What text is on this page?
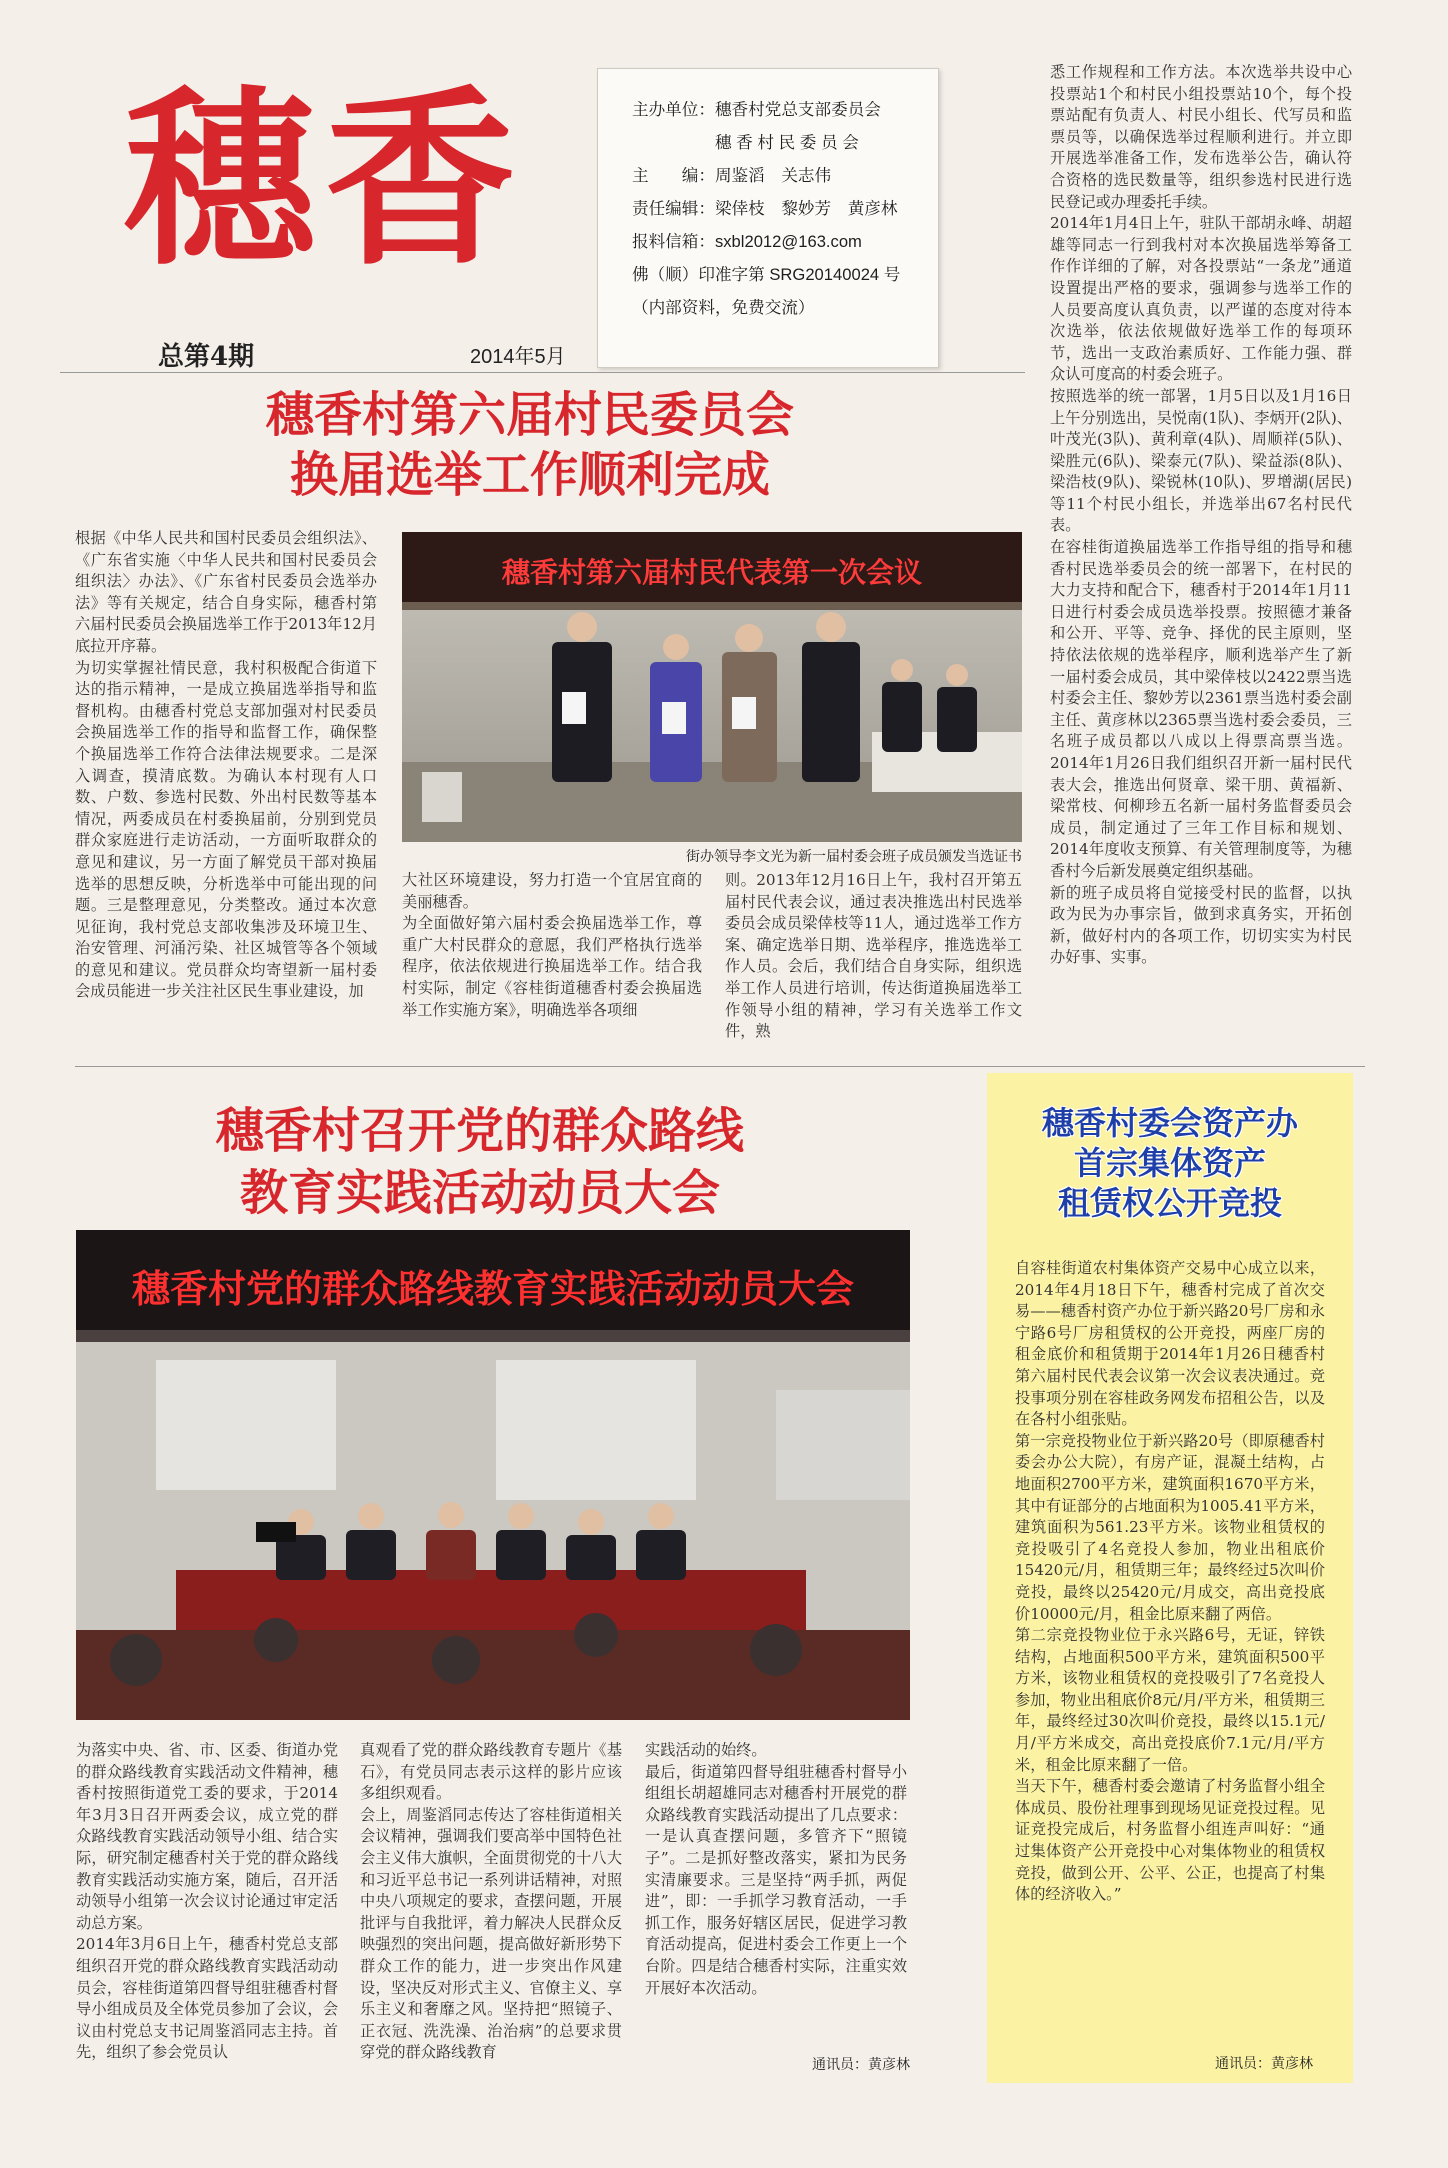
穗香
总第4期	2014年5月
主办单位：穗香村党总支部委员会
　　　　　穗 香 村 民 委 员 会
主　　编：周鉴滔　关志伟
责任编辑：梁倖枝　黎妙芳　黄彦林
报料信箱：sxbl2012@163.com
佛（顺）印准字第 SRG20140024 号
（内部资料，免费交流）
穗香村第六届村民委员会
换届选举工作顺利完成
根据《中华人民共和国村民委员会组织法》、《广东省实施〈中华人民共和国村民委员会组织法〉办法》、《广东省村民委员会选举办法》等有关规定，结合自身实际，穗香村第六届村民委员会换届选举工作于2013年12月底拉开序幕。
为切实掌握社情民意，我村积极配合街道下达的指示精神，一是成立换届选举指导和监督机构。由穗香村党总支部加强对村民委员会换届选举工作的指导和监督工作，确保整个换届选举工作符合法律法规要求。二是深入调查，摸清底数。为确认本村现有人口数、户数、参选村民数、外出村民数等基本情况，两委成员在村委换届前，分别到党员群众家庭进行走访活动，一方面听取群众的意见和建议，另一方面了解党员干部对换届选举的思想反映，分析选举中可能出现的问题。三是整理意见，分类整改。通过本次意见征询，我村党总支部收集涉及环境卫生、治安管理、河涌污染、社区城管等各个领域的意见和建议。党员群众均寄望新一届村委会成员能进一步关注社区民生事业建设，加
穗香村第六届村民代表第一次会议
街办领导李文光为新一届村委会班子成员颁发当选证书
大社区环境建设，努力打造一个宜居宜商的美丽穗香。
为全面做好第六届村委会换届选举工作，尊重广大村民群众的意愿，我们严格执行选举程序，依法依规进行换届选举工作。结合我村实际，制定《容桂街道穗香村委会换届选举工作实施方案》，明确选举各项细
则。2013年12月16日上午，我村召开第五届村民代表会议，通过表决推选出村民选举委员会成员梁倖枝等11人，通过选举工作方案、确定选举日期、选举程序，推选选举工作人员。会后，我们结合自身实际，组织选举工作人员进行培训，传达街道换届选举工作领导小组的精神，学习有关选举工作文件，熟
悉工作规程和工作方法。本次选举共设中心投票站1个和村民小组投票站10个，每个投票站配有负责人、村民小组长、代写员和监票员等，以确保选举过程顺利进行。并立即开展选举准备工作，发布选举公告，确认符合资格的选民数量等，组织参选村民进行选民登记或办理委托手续。
2014年1月4日上午，驻队干部胡永峰、胡超雄等同志一行到我村对本次换届选举筹备工作作详细的了解，对各投票站“一条龙”通道设置提出严格的要求，强调参与选举工作的人员要高度认真负责，以严谨的态度对待本次选举，依法依规做好选举工作的每项环节，选出一支政治素质好、工作能力强、群众认可度高的村委会班子。
按照选举的统一部署，1月5日以及1月16日上午分别选出，吴悦南(1队)、李炳开(2队)、叶茂光(3队)、黄利章(4队)、周顺祥(5队)、梁胜元(6队)、梁泰元(7队)、梁益添(8队)、梁浩枝(9队)、梁锐林(10队)、罗增湖(居民)等11个村民小组长，并选举出67名村民代表。
在容桂街道换届选举工作指导组的指导和穗香村民选举委员会的统一部署下，在村民的大力支持和配合下，穗香村于2014年1月11日进行村委会成员选举投票。按照德才兼备和公开、平等、竞争、择优的民主原则，坚持依法依规的选举程序，顺利选举产生了新一届村委会成员，其中梁倖枝以2422票当选村委会主任、黎妙芳以2361票当选村委会副主任、黄彦林以2365票当选村委会委员，三名班子成员都以八成以上得票高票当选。2014年1月26日我们组织召开新一届村民代表大会，推选出何贤章、梁干朋、黄福新、梁常枝、何柳珍五名新一届村务监督委员会成员，制定通过了三年工作目标和规划、2014年度收支预算、有关管理制度等，为穗香村今后新发展奠定组织基础。
新的班子成员将自觉接受村民的监督，以执政为民为办事宗旨，做到求真务实，开拓创新，做好村内的各项工作，切切实实为村民办好事、实事。
穗香村召开党的群众路线
教育实践活动动员大会
穗香村党的群众路线教育实践活动动员大会
为落实中央、省、市、区委、街道办党的群众路线教育实践活动文件精神，穗香村按照街道党工委的要求，于2014年3月3日召开两委会议，成立党的群众路线教育实践活动领导小组、结合实际，研究制定穗香村关于党的群众路线教育实践活动实施方案，随后，召开活动领导小组第一次会议讨论通过审定活动总方案。
2014年3月6日上午，穗香村党总支部组织召开党的群众路线教育实践活动动员会，容桂街道第四督导组驻穗香村督导小组成员及全体党员参加了会议，会议由村党总支书记周鉴滔同志主持。首先，组织了参会党员认
真观看了党的群众路线教育专题片《基石》，有党员同志表示这样的影片应该多组织观看。
会上，周鉴滔同志传达了容桂街道相关会议精神，强调我们要高举中国特色社会主义伟大旗帜，全面贯彻党的十八大和习近平总书记一系列讲话精神，对照中央八项规定的要求，查摆问题，开展批评与自我批评，着力解决人民群众反映强烈的突出问题，提高做好新形势下群众工作的能力，进一步突出作风建设，坚决反对形式主义、官僚主义、享乐主义和奢靡之风。坚持把“照镜子、正衣冠、洗洗澡、治治病”的总要求贯穿党的群众路线教育
实践活动的始终。
最后，街道第四督导组驻穗香村督导小组组长胡超雄同志对穗香村开展党的群众路线教育实践活动提出了几点要求：一是认真查摆问题，多管齐下“照镜子”。二是抓好整改落实，紧扣为民务实清廉要求。三是坚持“两手抓，两促进”，即：一手抓学习教育活动，一手抓工作，服务好辖区居民，促进学习教育活动提高，促进村委会工作更上一个台阶。四是结合穗香村实际，注重实效开展好本次活动。
通讯员：黄彦林
穗香村委会资产办
首宗集体资产
租赁权公开竞投
自容桂街道农村集体资产交易中心成立以来，2014年4月18日下午，穗香村完成了首次交易——穗香村资产办位于新兴路20号厂房和永宁路6号厂房租赁权的公开竞投，两座厂房的租金底价和租赁期于2014年1月26日穗香村第六届村民代表会议第一次会议表决通过。竞投事项分别在容桂政务网发布招租公告，以及在各村小组张贴。
第一宗竞投物业位于新兴路20号（即原穗香村委会办公大院），有房产证，混凝土结构，占地面积2700平方米，建筑面积1670平方米，其中有证部分的占地面积为1005.41平方米，建筑面积为561.23平方米。该物业租赁权的竞投吸引了4名竞投人参加，物业出租底价15420元/月，租赁期三年；最终经过5次叫价竞投，最终以25420元/月成交，高出竞投底价10000元/月，租金比原来翻了两倍。
第二宗竞投物业位于永兴路6号，无证，锌铁结构，占地面积500平方米，建筑面积500平方米，该物业租赁权的竞投吸引了7名竞投人参加，物业出租底价8元/月/平方米，租赁期三年，最终经过30次叫价竞投，最终以15.1元/月/平方米成交，高出竞投底价7.1元/月/平方米，租金比原来翻了一倍。
当天下午，穗香村委会邀请了村务监督小组全体成员、股份社理事到现场见证竞投过程。见证竞投完成后，村务监督小组连声叫好：“通过集体资产公开竞投中心对集体物业的租赁权竞投，做到公开、公平、公正，也提高了村集体的经济收入。”
通讯员：黄彦林
